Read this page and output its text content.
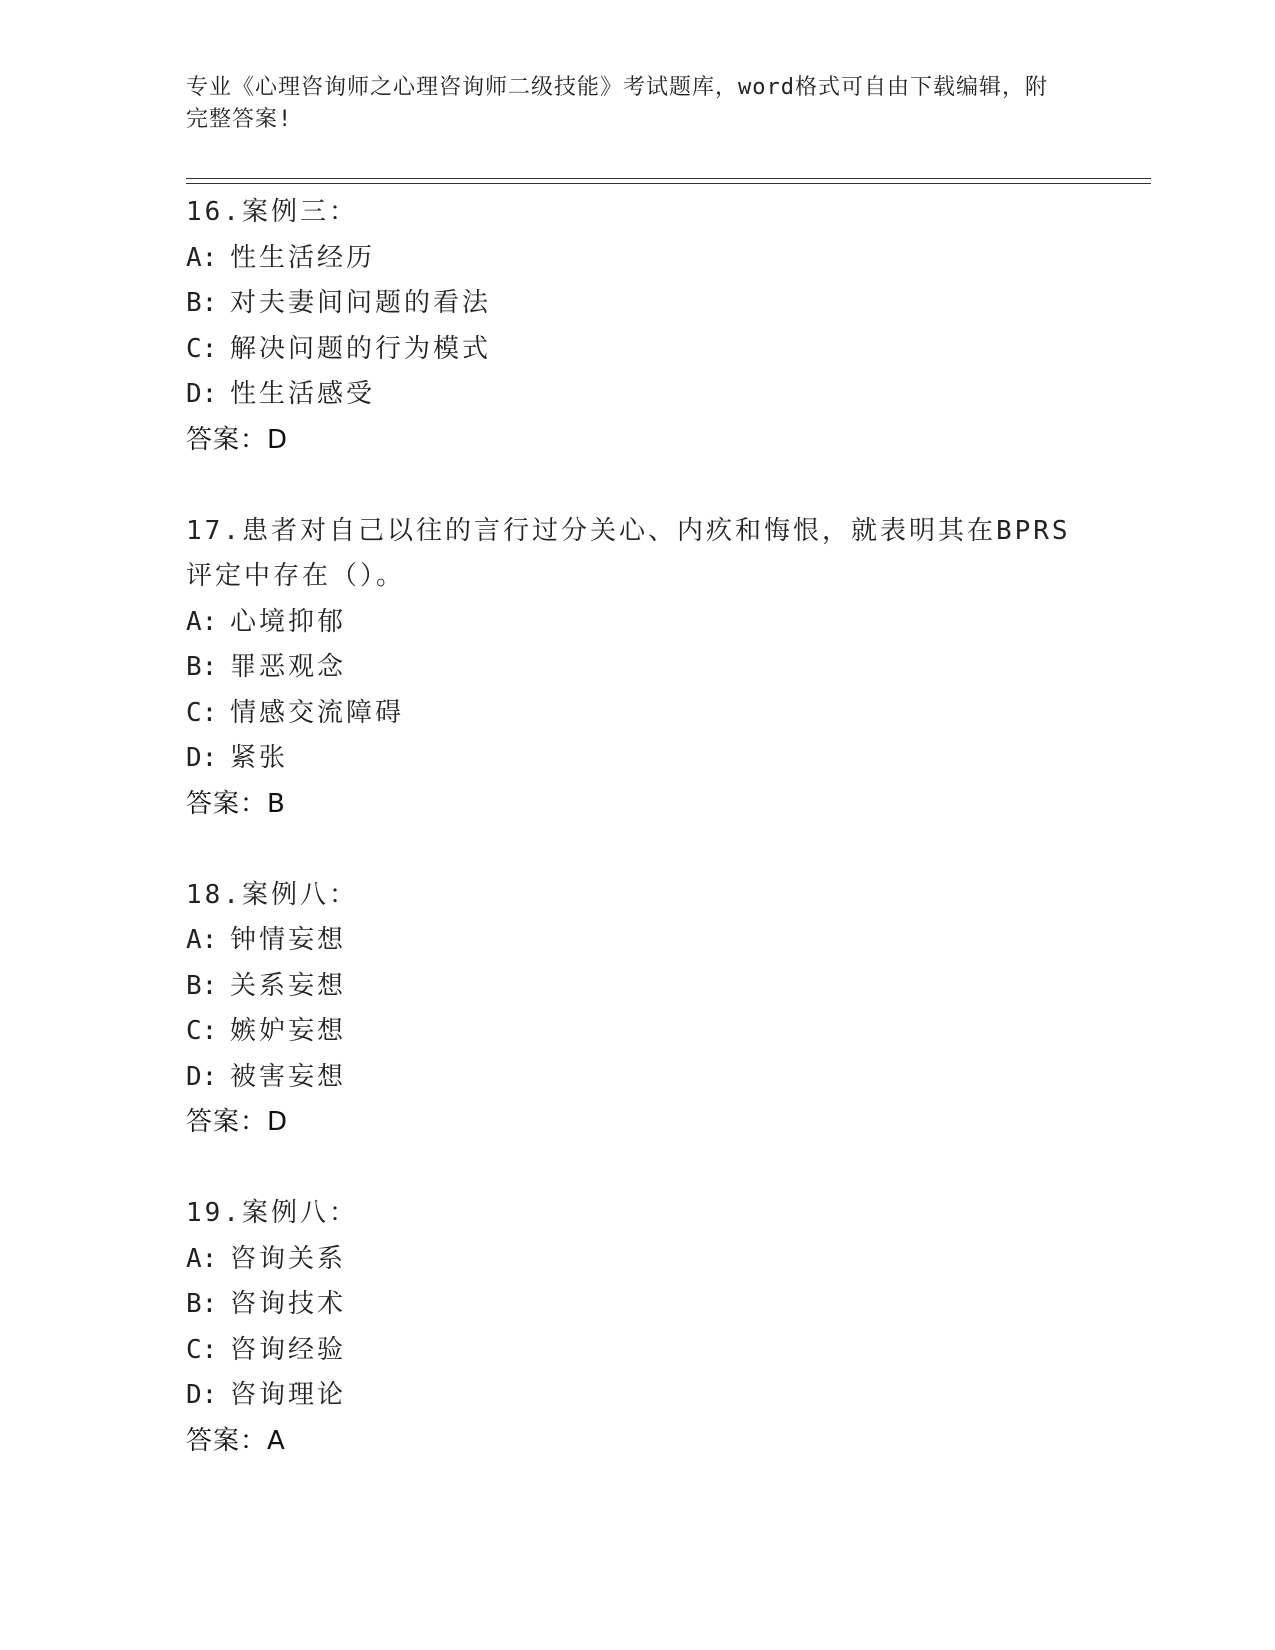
专业《心理咨询师之心理咨询师二级技能》考试题库，word格式可自由下载编辑，附完整答案!
16.案例三：
A: 性生活经历
B: 对夫妻间问题的看法
C: 解决问题的行为模式
D: 性生活感受
答案：D
17.患者对自己以往的言行过分关心、内疚和悔恨，就表明其在BPRS评定中存在（）。
A: 心境抑郁
B: 罪恶观念
C: 情感交流障碍
D: 紧张
答案：B
18.案例八：
A: 钟情妄想
B: 关系妄想
C: 嫉妒妄想
D: 被害妄想
答案：D
19.案例八：
A: 咨询关系
B: 咨询技术
C: 咨询经验
D: 咨询理论
答案：A
